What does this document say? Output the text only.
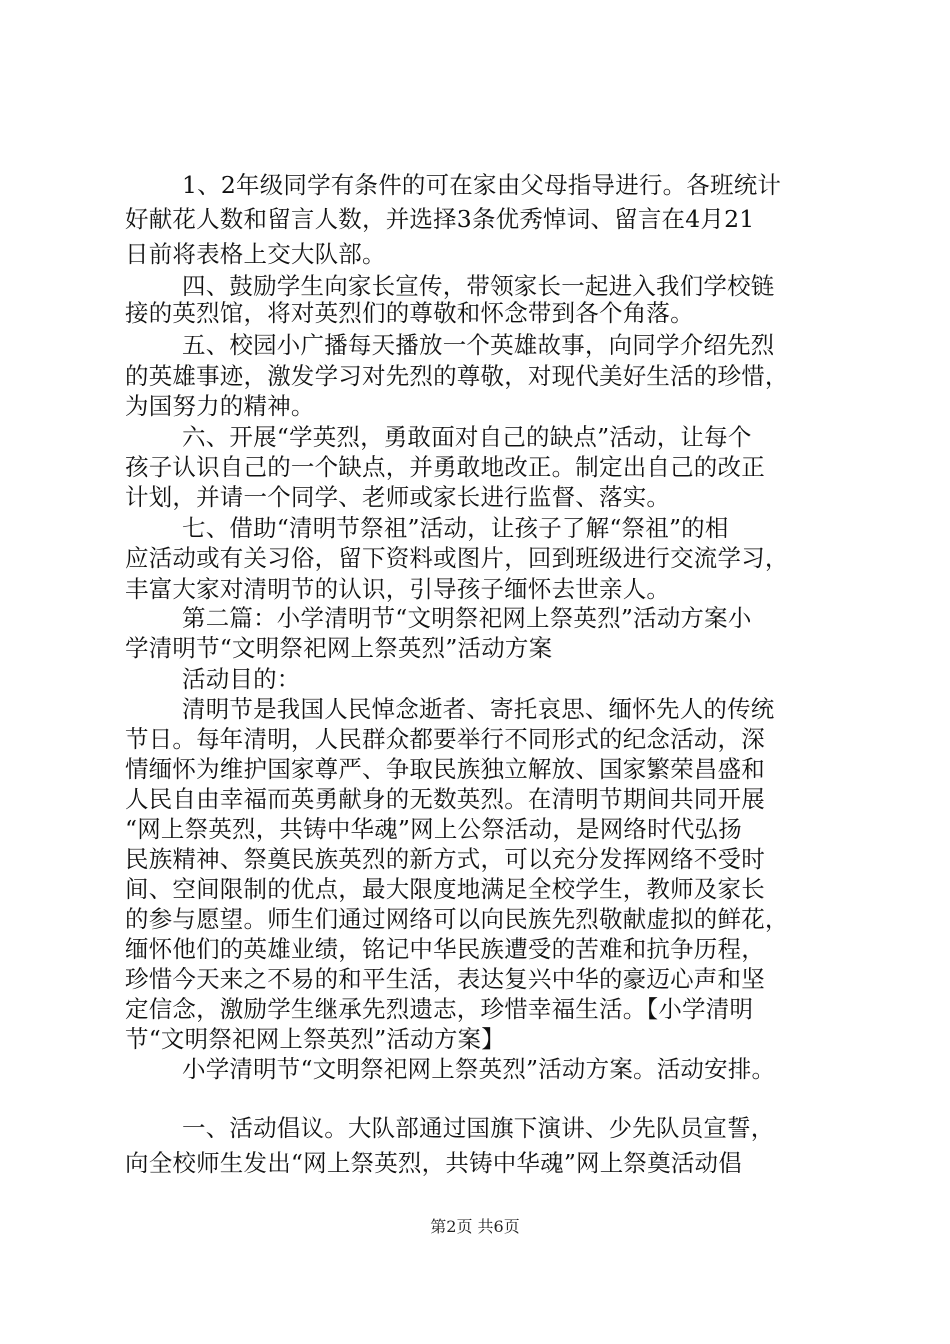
1、2年级同学有条件的可在家由父母指导进行。各班统计
好献花人数和留言人数，并选择3条优秀悼词、留言在4月21
日前将表格上交大队部。
四、鼓励学生向家长宣传，带领家长一起进入我们学校链
接的英烈馆，将对英烈们的尊敬和怀念带到各个角落。
五、校园小广播每天播放一个英雄故事，向同学介绍先烈
的英雄事迹，激发学习对先烈的尊敬，对现代美好生活的珍惜，
为国努力的精神。
六、开展“学英烈，勇敢面对自己的缺点”活动，让每个
孩子认识自己的一个缺点，并勇敢地改正。制定出自己的改正
计划，并请一个同学、老师或家长进行监督、落实。
七、借助“清明节祭祖”活动，让孩子了解“祭祖”的相
应活动或有关习俗，留下资料或图片，回到班级进行交流学习，
丰富大家对清明节的认识，引导孩子缅怀去世亲人。
第二篇：小学清明节“文明祭祀网上祭英烈”活动方案小
学清明节“文明祭祀网上祭英烈”活动方案
活动目的：
清明节是我国人民悼念逝者、寄托哀思、缅怀先人的传统
节日。每年清明，人民群众都要举行不同形式的纪念活动，深
情缅怀为维护国家尊严、争取民族独立解放、国家繁荣昌盛和
人民自由幸福而英勇献身的无数英烈。在清明节期间共同开展
“网上祭英烈，共铸中华魂”网上公祭活动，是网络时代弘扬
民族精神、祭奠民族英烈的新方式，可以充分发挥网络不受时
间、空间限制的优点，最大限度地满足全校学生，教师及家长
的参与愿望。师生们通过网络可以向民族先烈敬献虚拟的鲜花，
缅怀他们的英雄业绩，铭记中华民族遭受的苦难和抗争历程，
珍惜今天来之不易的和平生活，表达复兴中华的豪迈心声和坚
定信念，激励学生继承先烈遗志，珍惜幸福生活。【小学清明
节“文明祭祀网上祭英烈”活动方案】
小学清明节“文明祭祀网上祭英烈”活动方案。活动安排。
一、活动倡议。大队部通过国旗下演讲、少先队员宣誓，
向全校师生发出“网上祭英烈，共铸中华魂”网上祭奠活动倡
第2页 共6页
